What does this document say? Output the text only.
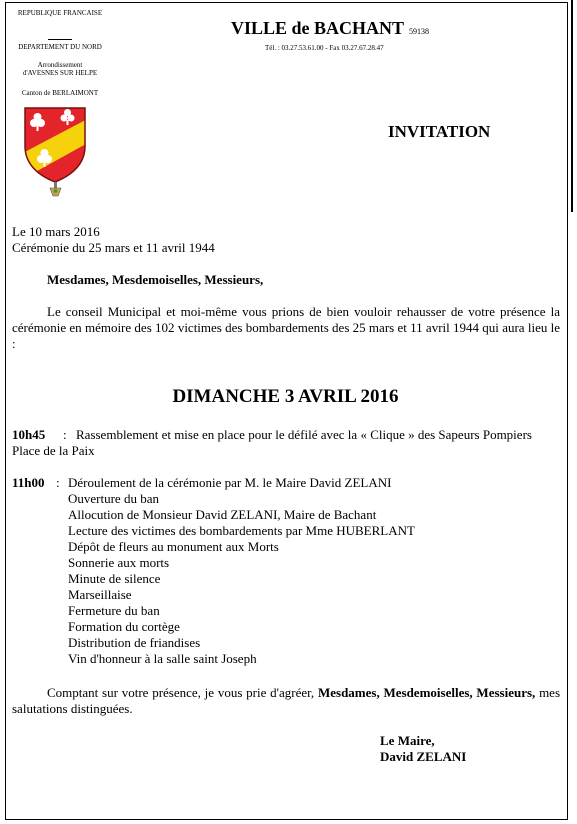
REPUBLIQUE FRANCAISE
DEPARTEMENT DU NORD
Arrondissement
d'AVESNES SUR HELPE
Canton de BERLAIMONT
VILLE de BACHANT 59138
Tél. : 03.27.53.61.00 - Fax 03.27.67.28.47
INVITATION
Le 10 mars 2016
Cérémonie du 25 mars et 11 avril 1944
Mesdames, Mesdemoiselles, Messieurs,
Le conseil Municipal et moi-même vous prions de bien vouloir rehausser de votre présence la cérémonie en mémoire des 102 victimes des bombardements des 25 mars et 11 avril 1944 qui aura lieu le :
DIMANCHE 3 AVRIL 2016
10h45 : Rassemblement et mise en place pour le défilé avec la « Clique » des Sapeurs Pompiers Place de la Paix
11h00 : Déroulement de la cérémonie par M. le Maire David ZELANI
Ouverture du ban
Allocution de Monsieur David ZELANI, Maire de Bachant
Lecture des victimes des bombardements par Mme HUBERLANT
Dépôt de fleurs au monument aux Morts
Sonnerie aux morts
Minute de silence
Marseillaise
Fermeture du ban
Formation du cortège
Distribution de friandises
Vin d'honneur à la salle saint Joseph
Comptant sur votre présence, je vous prie d'agréer, Mesdames, Mesdemoiselles, Messieurs, mes salutations distinguées.
Le Maire,
David ZELANI
